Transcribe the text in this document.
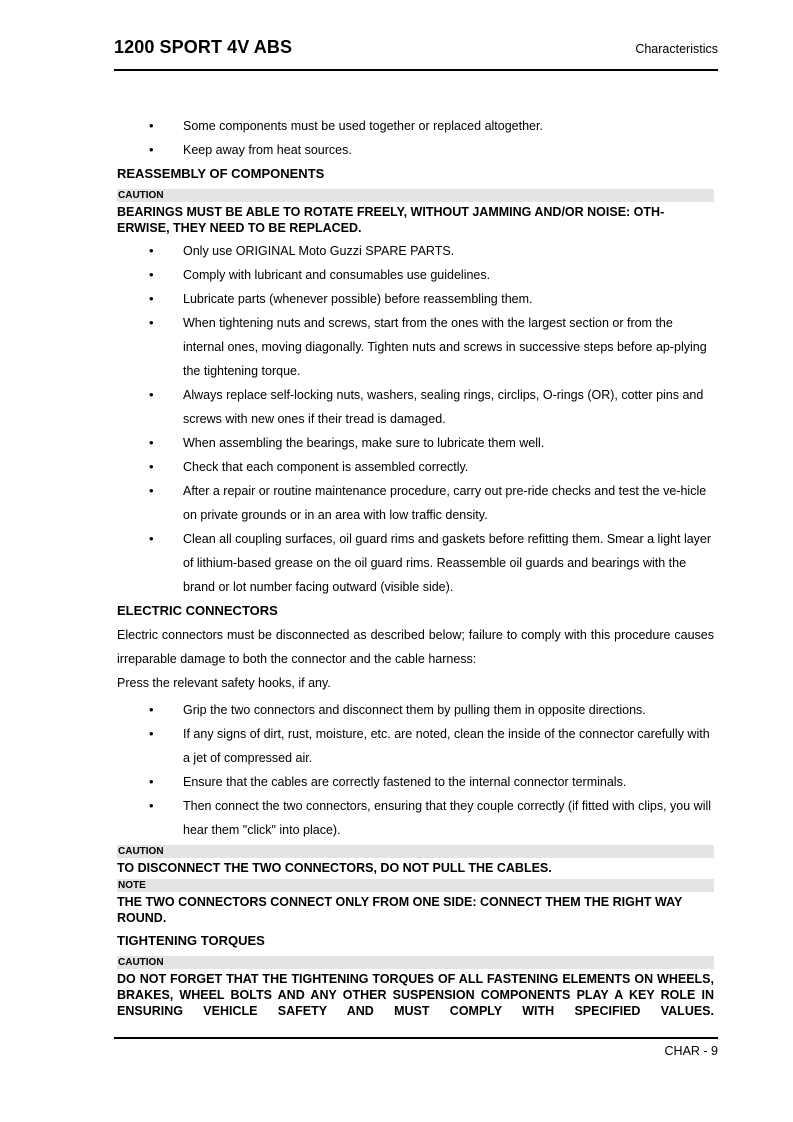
1200 SPORT 4V ABS	Characteristics
• Some components must be used together or replaced altogether.
• Keep away from heat sources.
REASSEMBLY OF COMPONENTS
CAUTION
BEARINGS MUST BE ABLE TO ROTATE FREELY, WITHOUT JAMMING AND/OR NOISE: OTH-ERWISE, THEY NEED TO BE REPLACED.
• Only use ORIGINAL Moto Guzzi SPARE PARTS.
• Comply with lubricant and consumables use guidelines.
• Lubricate parts (whenever possible) before reassembling them.
• When tightening nuts and screws, start from the ones with the largest section or from the internal ones, moving diagonally. Tighten nuts and screws in successive steps before ap-plying the tightening torque.
• Always replace self-locking nuts, washers, sealing rings, circlips, O-rings (OR), cotter pins and screws with new ones if their tread is damaged.
• When assembling the bearings, make sure to lubricate them well.
• Check that each component is assembled correctly.
• After a repair or routine maintenance procedure, carry out pre-ride checks and test the ve-hicle on private grounds or in an area with low traffic density.
• Clean all coupling surfaces, oil guard rims and gaskets before refitting them. Smear a light layer of lithium-based grease on the oil guard rims. Reassemble oil guards and bearings with the brand or lot number facing outward (visible side).
ELECTRIC CONNECTORS
Electric connectors must be disconnected as described below; failure to comply with this procedure causes irreparable damage to both the connector and the cable harness:
Press the relevant safety hooks, if any.
• Grip the two connectors and disconnect them by pulling them in opposite directions.
• If any signs of dirt, rust, moisture, etc. are noted, clean the inside of the connector carefully with a jet of compressed air.
• Ensure that the cables are correctly fastened to the internal connector terminals.
• Then connect the two connectors, ensuring that they couple correctly (if fitted with clips, you will hear them "click" into place).
CAUTION
TO DISCONNECT THE TWO CONNECTORS, DO NOT PULL THE CABLES.
NOTE
THE TWO CONNECTORS CONNECT ONLY FROM ONE SIDE: CONNECT THEM THE RIGHT WAY ROUND.
TIGHTENING TORQUES
CAUTION
DO NOT FORGET THAT THE TIGHTENING TORQUES OF ALL FASTENING ELEMENTS ON WHEELS, BRAKES, WHEEL BOLTS AND ANY OTHER SUSPENSION COMPONENTS PLAY A KEY ROLE IN ENSURING VEHICLE SAFETY AND MUST COMPLY WITH SPECIFIED VALUES.
CHAR - 9
